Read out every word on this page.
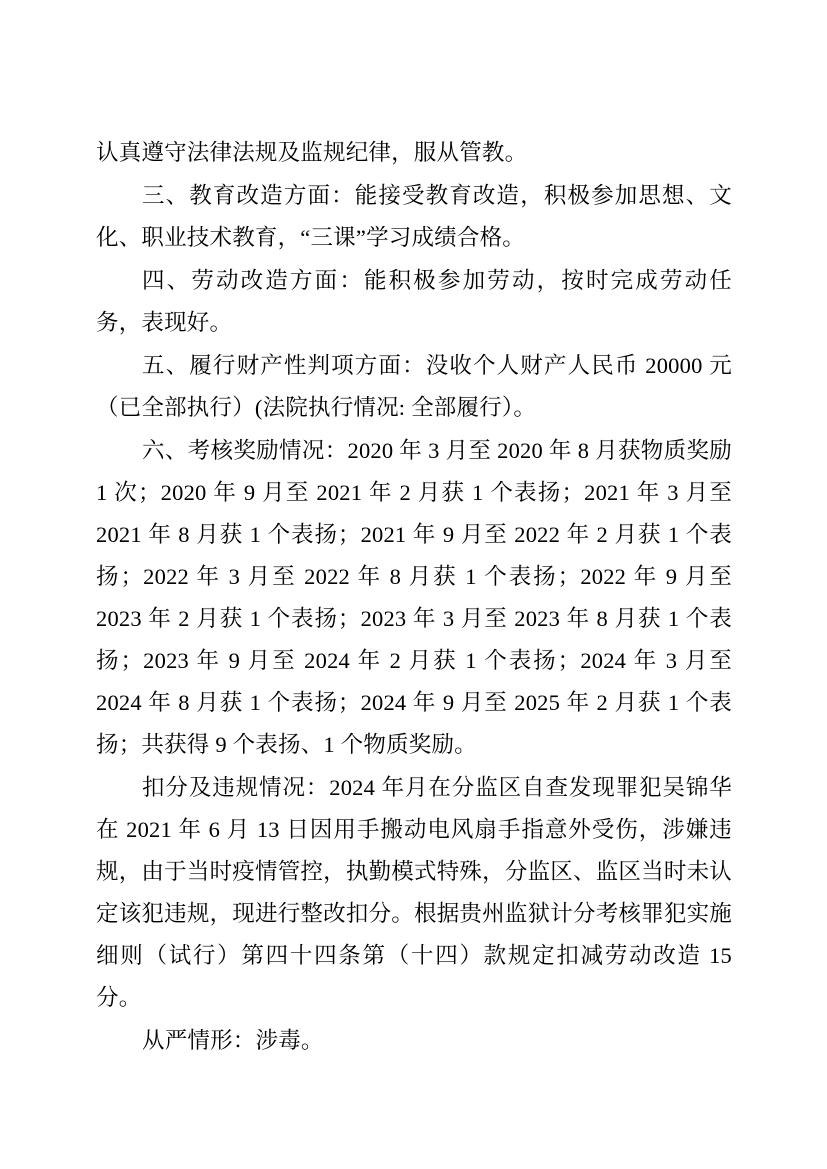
认真遵守法律法规及监规纪律，服从管教。

三、教育改造方面：能接受教育改造，积极参加思想、文化、职业技术教育，“三课”学习成绩合格。

四、劳动改造方面：能积极参加劳动，按时完成劳动任务，表现好。

五、履行财产性判项方面：没收个人财产人民币 20000 元（已全部执行）(法院执行情况: 全部履行）。

六、考核奖励情况：2020 年 3 月至 2020 年 8 月获物质奖励 1 次；2020 年 9 月至 2021 年 2 月获 1 个表扬；2021 年 3 月至 2021 年 8 月获 1 个表扬；2021 年 9 月至 2022 年 2 月获 1 个表扬；2022 年 3 月至 2022 年 8 月获 1 个表扬；2022 年 9 月至 2023 年 2 月获 1 个表扬；2023 年 3 月至 2023 年 8 月获 1 个表扬；2023 年 9 月至 2024 年 2 月获 1 个表扬；2024 年 3 月至 2024 年 8 月获 1 个表扬；2024 年 9 月至 2025 年 2 月获 1 个表扬；共获得 9 个表扬、1 个物质奖励。

扣分及违规情况：2024 年月在分监区自查发现罪犯吴锦华在 2021 年 6 月 13 日因用手搬动电风扇手指意外受伤，涉嫌违规，由于当时疫情管控，执勤模式特殊，分监区、监区当时未认定该犯违规，现进行整改扣分。根据贵州监狱计分考核罪犯实施细则（试行）第四十四条第（十四）款规定扣减劳动改造 15 分。

从严情形：涉毒。
